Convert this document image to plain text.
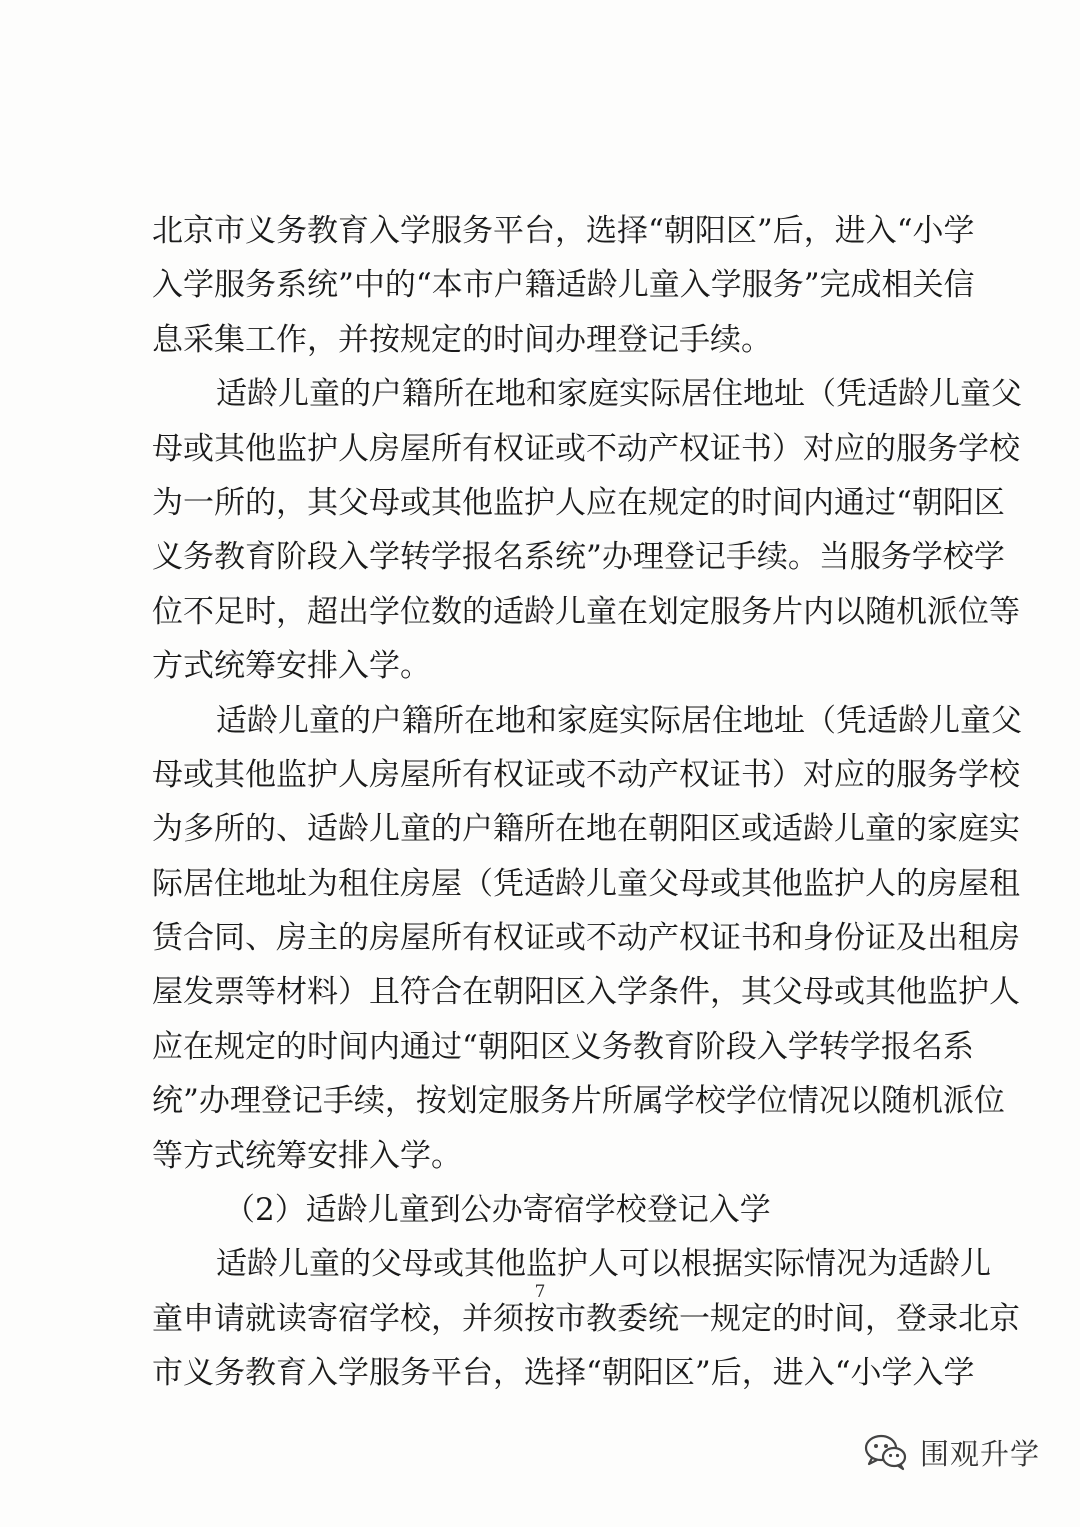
北京市义务教育入学服务平台，选择“朝阳区”后，进入“小学
入学服务系统”中的“本市户籍适龄儿童入学服务”完成相关信
息采集工作，并按规定的时间办理登记手续。
适龄儿童的户籍所在地和家庭实际居住地址（凭适龄儿童父
母或其他监护人房屋所有权证或不动产权证书）对应的服务学校
为一所的，其父母或其他监护人应在规定的时间内通过“朝阳区
义务教育阶段入学转学报名系统”办理登记手续。当服务学校学
位不足时，超出学位数的适龄儿童在划定服务片内以随机派位等
方式统筹安排入学。
适龄儿童的户籍所在地和家庭实际居住地址（凭适龄儿童父
母或其他监护人房屋所有权证或不动产权证书）对应的服务学校
为多所的、适龄儿童的户籍所在地在朝阳区或适龄儿童的家庭实
际居住地址为租住房屋（凭适龄儿童父母或其他监护人的房屋租
赁合同、房主的房屋所有权证或不动产权证书和身份证及出租房
屋发票等材料）且符合在朝阳区入学条件，其父母或其他监护人
应在规定的时间内通过“朝阳区义务教育阶段入学转学报名系
统”办理登记手续，按划定服务片所属学校学位情况以随机派位
等方式统筹安排入学。
（2）适龄儿童到公办寄宿学校登记入学
适龄儿童的父母或其他监护人可以根据实际情况为适龄儿
童申请就读寄宿学校，并须按市教委统一规定的时间，登录北京
市义务教育入学服务平台，选择“朝阳区”后，进入“小学入学
7
围观升学
